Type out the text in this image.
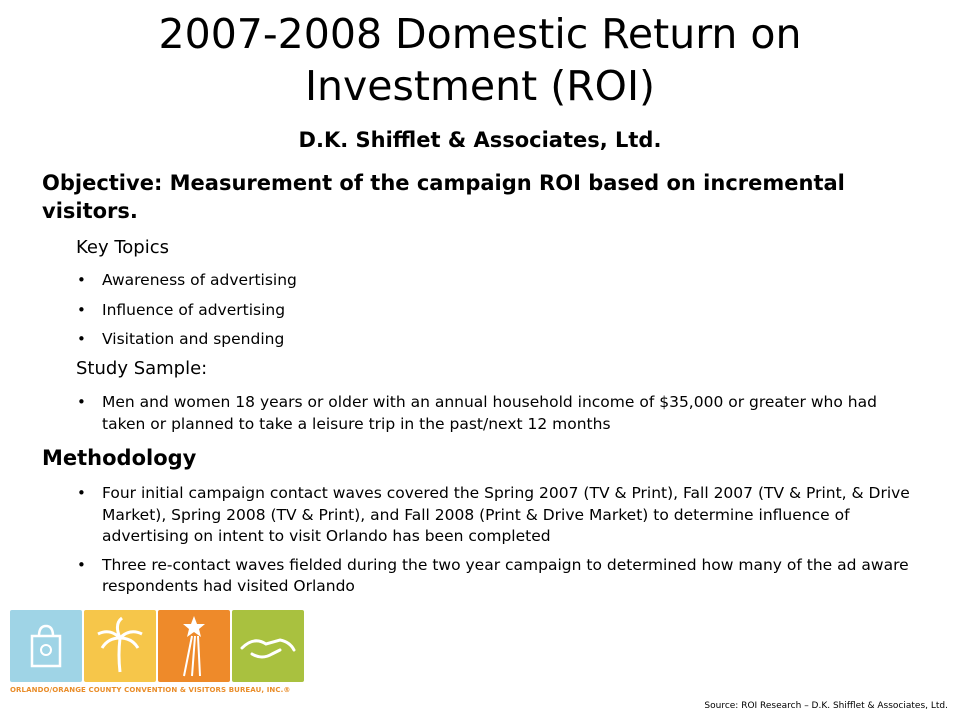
2007-2008 Domestic Return on
Investment (ROI)
D.K. Shifflet & Associates, Ltd.
Objective: Measurement of the campaign ROI based on incremental visitors.
Key Topics
• Awareness of advertising
• Influence of advertising
• Visitation and spending
Study Sample:
• Men and women 18 years or older with an annual household income of $35,000 or greater who had taken or planned to take a leisure trip in the past/next 12 months
Methodology
• Four initial campaign contact waves covered the Spring 2007 (TV & Print), Fall 2007 (TV & Print, & Drive Market), Spring 2008 (TV & Print), and Fall 2008 (Print & Drive Market) to determine influence of advertising on intent to visit Orlando has been completed
• Three re-contact waves fielded during the two year campaign to determined how many of the ad aware respondents had visited Orlando
ORLANDO/ORANGE COUNTY CONVENTION & VISITORS BUREAU, INC.®
Source: ROI Research – D.K. Shifflet & Associates, Ltd.
